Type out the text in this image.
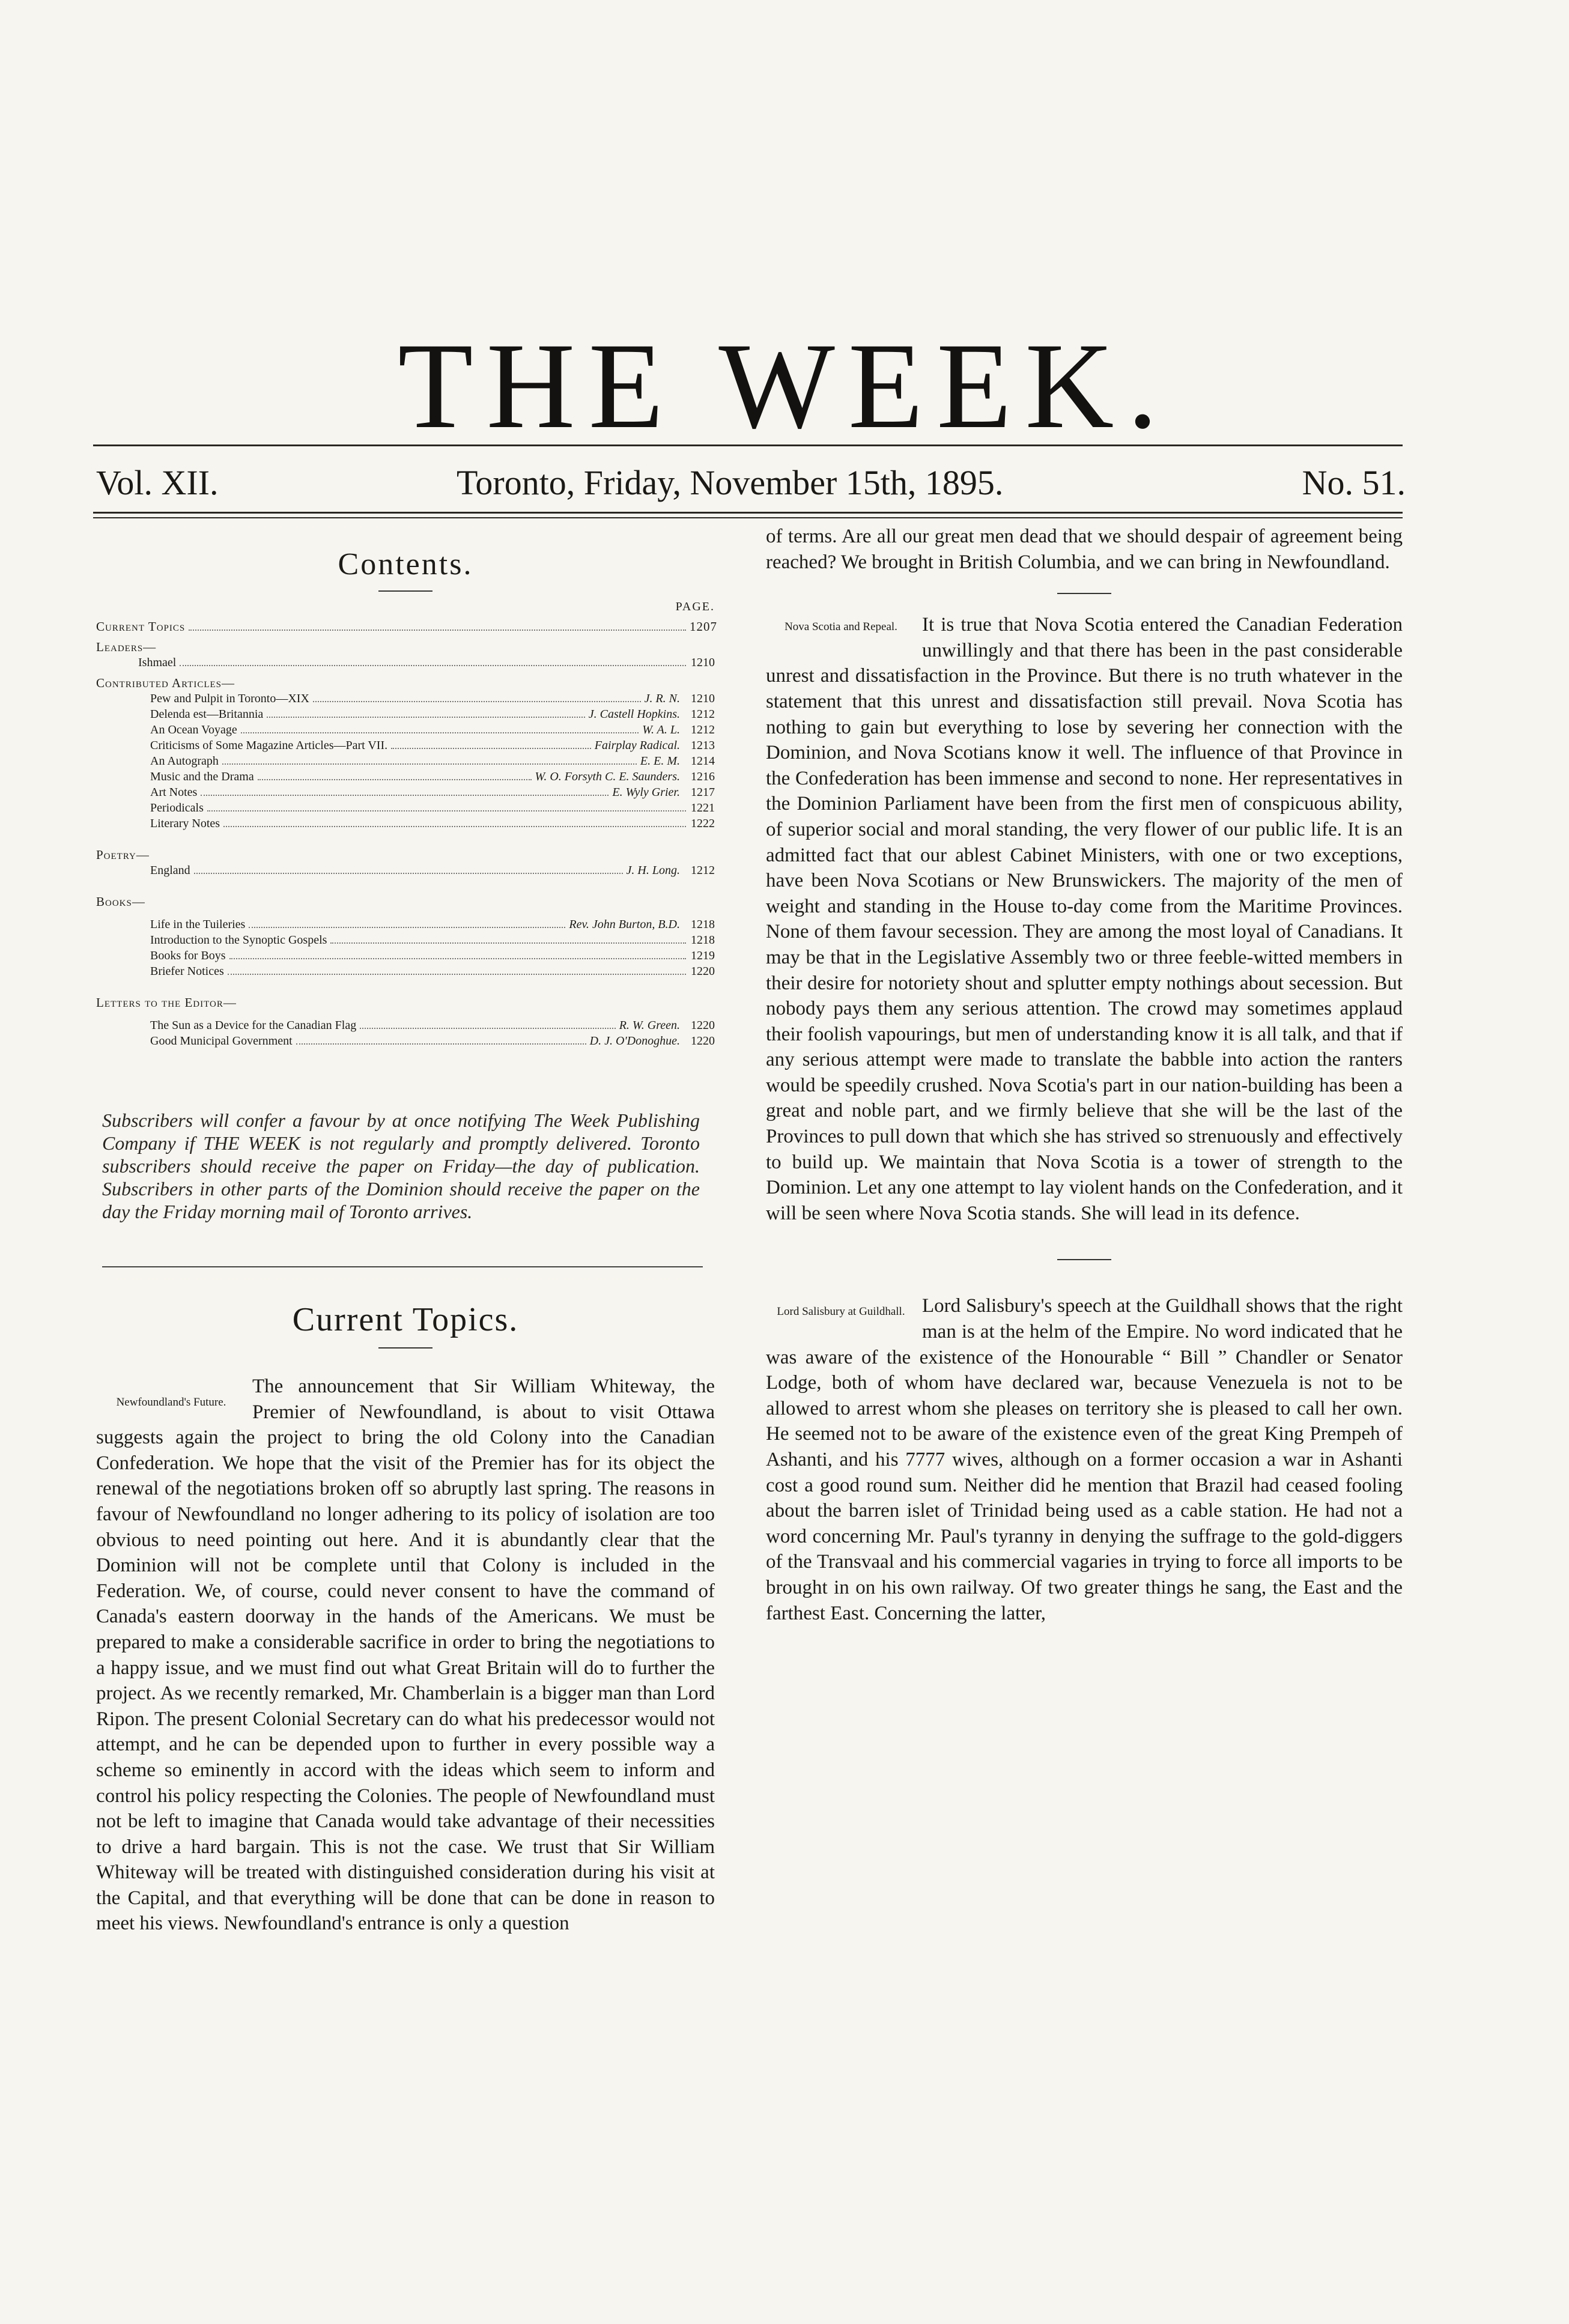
THE WEEK.
Vol. XII.	Toronto, Friday, November 15th, 1895.	No. 51.
Contents.
PAGE.
Current Topics	1207
Leaders—
Ishmael	1210
Contributed Articles—
Pew and Pulpit in Toronto—XIX	J. R. N. 1210
Delenda est—Britannia	J. Castell Hopkins. 1212
An Ocean Voyage	W. A. L. 1212
Criticisms of Some Magazine Articles—Part VII.	Fairplay Radical. 1213
An Autograph	E. E. M. 1214
Music and the Drama	W. O. Forsyth C. E. Saunders. 1216
Art Notes	E. Wyly Grier. 1217
Periodicals	1221
Literary Notes	1222
Poetry—
England	J. H. Long. 1212
Books—
Life in the Tuileries	Rev. John Burton, B.D. 1218
Introduction to the Synoptic Gospels	1218
Books for Boys	1219
Briefer Notices	1220
Letters to the Editor—
The Sun as a Device for the Canadian Flag	R. W. Green. 1220
Good Municipal Government	D. J. O'Donoghue. 1220
Subscribers will confer a favour by at once notifying The Week Publishing Company if THE WEEK is not regularly and promptly delivered. Toronto subscribers should receive the paper on Friday—the day of publication. Subscribers in other parts of the Dominion should receive the paper on the day the Friday morning mail of Toronto arrives.
Current Topics.
Newfoundland's Future.
The announcement that Sir William Whiteway, the Premier of Newfoundland, is about to visit Ottawa suggests again the project to bring the old Colony into the Canadian Confederation. We hope that the visit of the Premier has for its object the renewal of the negotiations broken off so abruptly last spring. The reasons in favour of Newfoundland no longer adhering to its policy of isolation are too obvious to need pointing out here. And it is abundantly clear that the Dominion will not be complete until that Colony is included in the Federation. We, of course, could never consent to have the command of Canada's eastern doorway in the hands of the Americans. We must be prepared to make a considerable sacrifice in order to bring the negotiations to a happy issue, and we must find out what Great Britain will do to further the project. As we recently remarked, Mr. Chamberlain is a bigger man than Lord Ripon. The present Colonial Secretary can do what his predecessor would not attempt, and he can be depended upon to further in every possible way a scheme so eminently in accord with the ideas which seem to inform and control his policy respecting the Colonies. The people of Newfoundland must not be left to imagine that Canada would take advantage of their necessities to drive a hard bargain. This is not the case. We trust that Sir William Whiteway will be treated with distinguished consideration during his visit at the Capital, and that everything will be done that can be done in reason to meet his views. Newfoundland's entrance is only a question
of terms. Are all our great men dead that we should despair of agreement being reached? We brought in British Columbia, and we can bring in Newfoundland.
Nova Scotia and Repeal.	It is true that Nova Scotia entered the Canadian Federation unwillingly and that there has been in the past considerable unrest and dissatisfaction in the Province. But there is no truth whatever in the statement that this unrest and dissatisfaction still prevail. Nova Scotia has nothing to gain but everything to lose by severing her connection with the Dominion, and Nova Scotians know it well. The influence of that Province in the Confederation has been immense and second to none. Her representatives in the Dominion Parliament have been from the first men of conspicuous ability, of superior social and moral standing, the very flower of our public life. It is an admitted fact that our ablest Cabinet Ministers, with one or two exceptions, have been Nova Scotians or New Brunswickers. The majority of the men of weight and standing in the House to-day come from the Maritime Provinces. None of them favour secession. They are among the most loyal of Canadians. It may be that in the Legislative Assembly two or three feeble-witted members in their desire for notoriety shout and splutter empty nothings about secession. But nobody pays them any serious attention. The crowd may sometimes applaud their foolish vapourings, but men of understanding know it is all talk, and that if any serious attempt were made to translate the babble into action the ranters would be speedily crushed. Nova Scotia's part in our nation-building has been a great and noble part, and we firmly believe that she will be the last of the Provinces to pull down that which she has strived so strenuously and effectively to build up. We maintain that Nova Scotia is a tower of strength to the Dominion. Let any one attempt to lay violent hands on the Confederation, and it will be seen where Nova Scotia stands. She will lead in its defence.
Lord Salisbury at Guildhall. Lord Salisbury's speech at the Guildhall shows that the right man is at the helm of the Empire. No word indicated that he was aware of the existence of the Honourable “ Bill ” Chandler or Senator Lodge, both of whom have declared war, because Venezuela is not to be allowed to arrest whom she pleases on territory she is pleased to call her own. He seemed not to be aware of the existence even of the great King Prempeh of Ashanti, and his 7777 wives, although on a former occasion a war in Ashanti cost a good round sum. Neither did he mention that Brazil had ceased fooling about the barren islet of Trinidad being used as a cable station. He had not a word concerning Mr. Paul's tyranny in denying the suffrage to the gold-diggers of the Transvaal and his commercial vagaries in trying to force all imports to be brought in on his own railway. Of two greater things he sang, the East and the farthest East. Concerning the latter,
